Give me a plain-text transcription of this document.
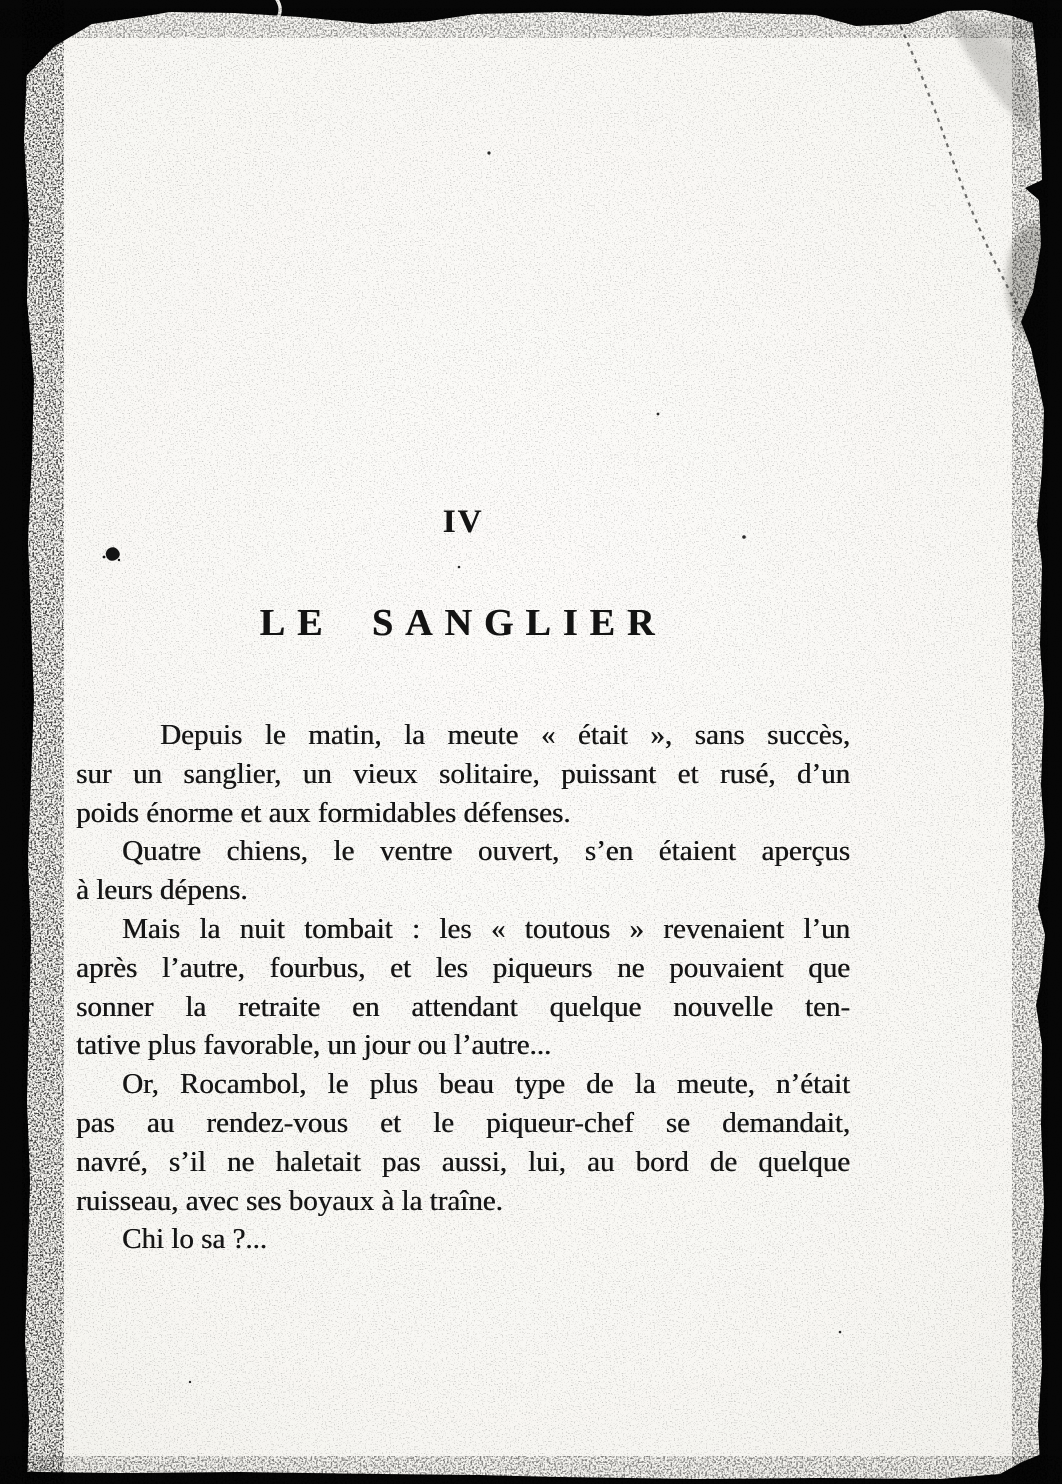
IV
LE SANGLIER
Depuis le matin, la meute « était », sans succès,
sur un sanglier, un vieux solitaire, puissant et rusé, d’un
poids énorme et aux formidables défenses.
Quatre chiens, le ventre ouvert, s’en étaient aperçus
à leurs dépens.
Mais la nuit tombait : les « toutous » revenaient l’un
après l’autre, fourbus, et les piqueurs ne pouvaient que
sonner la retraite en attendant quelque nouvelle ten-
tative plus favorable, un jour ou l’autre...
Or, Rocambol, le plus beau type de la meute, n’était
pas au rendez-vous et le piqueur-chef se demandait,
navré, s’il ne haletait pas aussi, lui, au bord de quelque
ruisseau, avec ses boyaux à la traîne.
Chi lo sa ?...
